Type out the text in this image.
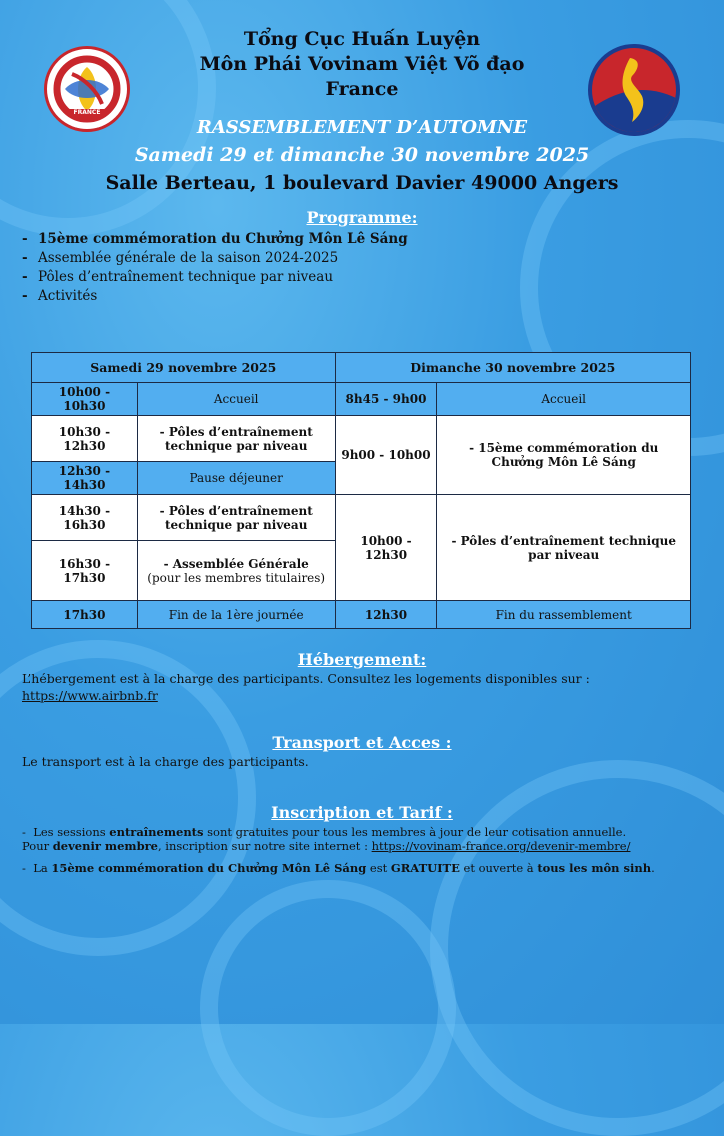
FRANCE
Tổng Cục Huấn Luyện
Môn Phái Vovinam Việt Võ đạo
France
RASSEMBLEMENT D’AUTOMNE
Samedi 29 et dimanche 30 novembre 2025
Salle Berteau, 1 boulevard Davier 49000 Angers
Programme:
- 15ème commémoration du Chưởng Môn Lê Sáng
- Assemblée générale de la saison 2024-2025
- Pôles d’entraînement technique par niveau
- Activités
Samedi 29 novembre 2025		Dimanche 30 novembre 2025	
10h00 - 10h30	Accueil	8h45 - 9h00	Accueil
10h30 - 12h30	- Pôles d’entraînement technique par niveau	9h00 - 10h00	- 15ème commémoration du Chưởng Môn Lê Sáng
12h30 - 14h30	Pause déjeuner		
14h30 - 16h30	- Pôles d’entraînement technique par niveau	10h00 - 12h30	- Pôles d’entraînement technique par niveau
16h30 - 17h30	- Assemblée Générale
(pour les membres titulaires)		

17h30	Fin de la 1ère journée	12h30	Fin du rassemblement
Hébergement:
L’hébergement est à la charge des participants. Consultez les logements disponibles sur :
https://www.airbnb.fr
Transport et Acces :
Le transport est à la charge des participants.
Inscription et Tarif :
-  Les sessions entraînements sont gratuites pour tous les membres à jour de leur cotisation annuelle.
Pour devenir membre, inscription sur notre site internet : https://vovinam-france.org/devenir-membre/
-  La 15ème commémoration du Chưởng Môn Lê Sáng est GRATUITE et ouverte à tous les môn sinh.
